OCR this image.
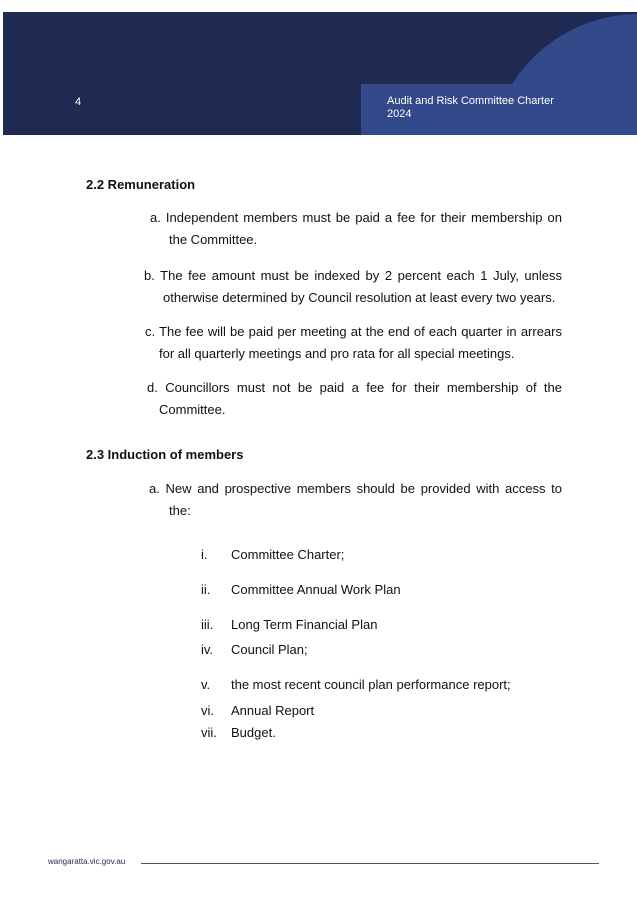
4	Audit and Risk Committee Charter
2024
2.2 Remuneration
a. Independent members must be paid a fee for their membership on
the Committee.
b. The fee amount must be indexed by 2 percent each 1 July, unless
otherwise determined by Council resolution at least every two years.
c. The fee will be paid per meeting at the end of each quarter in arrears
for all quarterly meetings and pro rata for all special meetings.
d. Councillors must not be paid a fee for their membership of the
Committee.
2.3 Induction of members
a. New and prospective members should be provided with access to
the:
i. Committee Charter;
ii. Committee Annual Work Plan
iii. Long Term Financial Plan
iv. Council Plan;
v. the most recent council plan performance report;
vi. Annual Report
vii. Budget.
wangaratta.vic.gov.au
